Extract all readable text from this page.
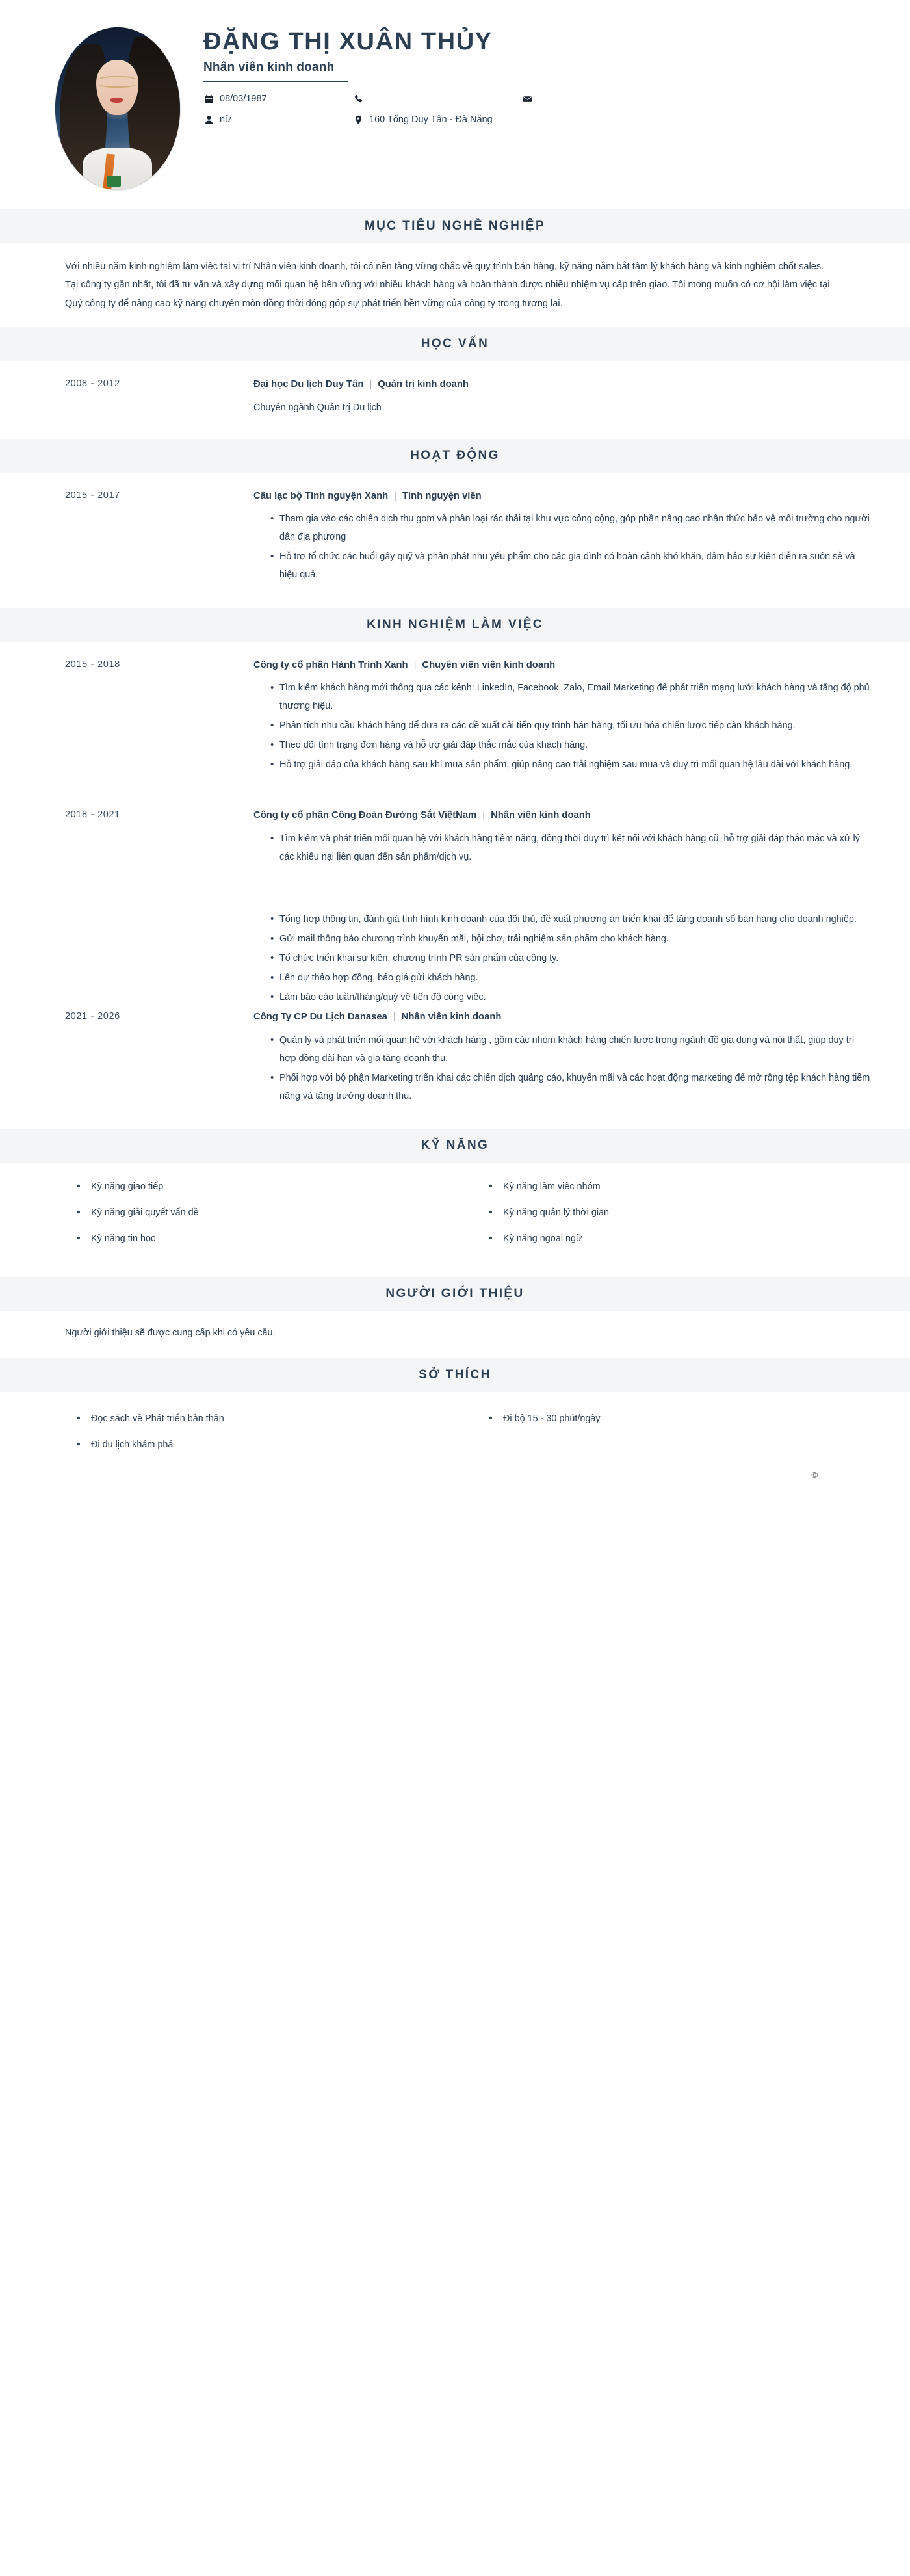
ĐẶNG THỊ XUÂN THỦY
Nhân viên kinh doanh
08/03/1987
nữ	160 Tống Duy Tân - Đà Nẵng
MỤC TIÊU NGHỀ NGHIỆP

Với nhiều năm kinh nghiệm làm việc tại vị trí Nhân viên kinh doanh, tôi có nền tảng vững chắc về quy trình bán hàng, kỹ năng nắm bắt tâm lý khách hàng và kinh nghiệm chốt sales. Tại công ty gần nhất, tôi đã tư vấn và xây dựng mối quan hệ bền vững với nhiều khách hàng và hoàn thành được nhiều nhiệm vụ cấp trên giao. Tôi mong muốn có cơ hội làm việc tại Quý công ty để nâng cao kỹ năng chuyên môn đồng thời đóng góp sự phát triển bền vững của công ty trong tương lai.

HỌC VẤN
2008 - 2012	Đại học Du lịch Duy Tân | Quản trị kinh doanh
Chuyên ngành Quản trị Du lịch
HOẠT ĐỘNG
2015 - 2017	Câu lạc bộ Tình nguyện Xanh | Tình nguyện viên
• Tham gia vào các chiến dịch thu gom và phân loại rác thải tại khu vực công cộng, góp phần nâng cao nhận thức bảo vệ môi trường cho người dân địa phương
• Hỗ trợ tổ chức các buổi gây quỹ và phân phát nhu yếu phẩm cho các gia đình có hoàn cảnh khó khăn, đảm bảo sự kiện diễn ra suôn sẻ và hiệu quả.
KINH NGHIỆM LÀM VIỆC
2015 - 2018	Công ty cổ phần Hành Trình Xanh | Chuyên viên viên kinh doanh
• Tìm kiếm khách hàng mới thông qua các kênh: LinkedIn, Facebook, Zalo, Email Marketing để phát triển mạng lưới khách hàng và tăng độ phủ thương hiệu.
• Phân tích nhu cầu khách hàng để đưa ra các đề xuất cải tiến quy trình bán hàng, tối ưu hóa chiến lược tiếp cận khách hàng.
• Theo dõi tình trạng đơn hàng và hỗ trợ giải đáp thắc mắc của khách hàng.
• Hỗ trợ giải đáp của khách hàng sau khi mua sản phẩm, giúp nâng cao trải nghiệm sau mua và duy trì mối quan hệ lâu dài với khách hàng.
2018 - 2021	Công ty cổ phần Công Đoàn Đường Sắt ViệtNam | Nhân viên kinh doanh
• Tìm kiếm và phát triển mối quan hệ với khách hàng tiềm năng, đồng thời duy trì kết nối với khách hàng cũ, hỗ trợ giải đáp thắc mắc và xử lý các khiếu nại liên quan đến sản phẩm/dịch vụ.
• Tổng hợp thông tin, đánh giá tình hình kinh doanh của đối thủ, đề xuất phương án triển khai để tăng doanh số bán hàng cho doanh nghiệp.
• Gửi mail thông báo chương trình khuyến mãi, hội chợ, trải nghiệm sản phẩm cho khách hàng.
• Tổ chức triển khai sự kiện, chương trình PR sản phẩm của công ty.
• Lên dự thảo hợp đồng, báo giá gửi khách hàng.
• Làm báo cáo tuần/tháng/quý về tiến độ công việc.
2021 - 2026	Công Ty CP Du Lịch Danasea | Nhân viên kinh doanh
• Quản lý và phát triển mối quan hệ với khách hàng , gồm các nhóm khách hàng chiến lược trong ngành đồ gia dụng và nội thất, giúp duy trì hợp đồng dài hạn và gia tăng doanh thu.
• Phối hợp với bộ phận Marketing triển khai các chiến dịch quảng cáo, khuyến mãi và các hoạt động marketing để mở rộng tệp khách hàng tiềm năng và tăng trưởng doanh thu.
KỸ NĂNG
• Kỹ năng giao tiếp
• Kỹ năng giải quyết vấn đề
• Kỹ năng tin học
• Kỹ năng làm việc nhóm
• Kỹ năng quản lý thời gian
• Kỹ năng ngoại ngữ
NGƯỜI GIỚI THIỆU
Người giới thiệu sẽ được cung cấp khi có yêu cầu.
SỞ THÍCH
• Đọc sách về Phát triển bản thân
• Đi du lịch khám phá
• Đi bộ 15 - 30 phút/ngày
©
